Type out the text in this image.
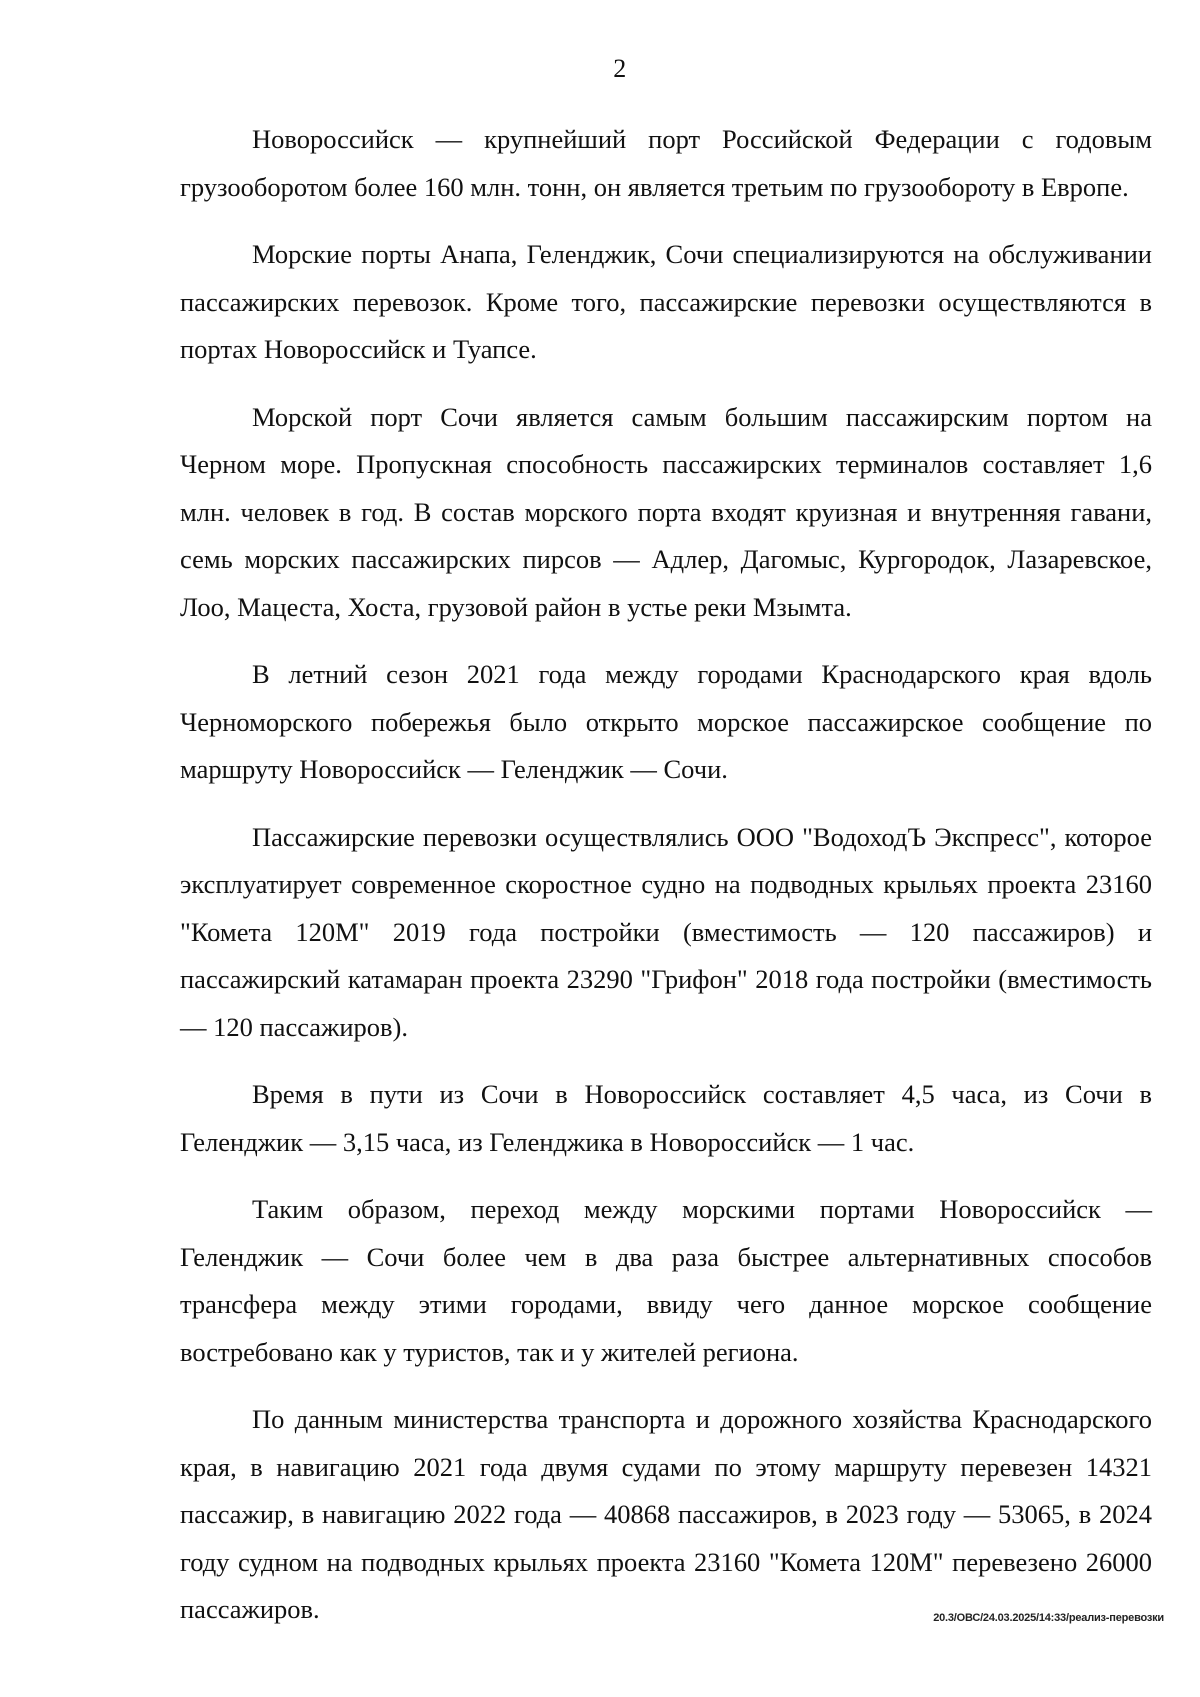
2

Новороссийск — крупнейший порт Российской Федерации с годовым грузооборотом более 160 млн. тонн, он является третьим по грузообороту в Европе.

Морские порты Анапа, Геленджик, Сочи специализируются на обслуживании пассажирских перевозок. Кроме того, пассажирские перевозки осуществляются в портах Новороссийск и Туапсе.

Морской порт Сочи является самым большим пассажирским портом на Черном море. Пропускная способность пассажирских терминалов составляет 1,6 млн. человек в год. В состав морского порта входят круизная и внутренняя гавани, семь морских пассажирских пирсов — Адлер, Дагомыс, Кургородок, Лазаревское, Лоо, Мацеста, Хоста, грузовой район в устье реки Мзымта.

В летний сезон 2021 года между городами Краснодарского края вдоль Черноморского побережья было открыто морское пассажирское сообщение по маршруту Новороссийск — Геленджик — Сочи.

Пассажирские перевозки осуществлялись ООО "ВодоходЪ Экспресс", которое эксплуатирует современное скоростное судно на подводных крыльях проекта 23160 "Комета 120М" 2019 года постройки (вместимость — 120 пассажиров) и пассажирский катамаран проекта 23290 "Грифон" 2018 года постройки (вместимость — 120 пассажиров).

Время в пути из Сочи в Новороссийск составляет 4,5 часа, из Сочи в Геленджик — 3,15 часа, из Геленджика в Новороссийск — 1 час.

Таким образом, переход между морскими портами Новороссийск — Геленджик — Сочи более чем в два раза быстрее альтернативных способов трансфера между этими городами, ввиду чего данное морское сообщение востребовано как у туристов, так и у жителей региона.

По данным министерства транспорта и дорожного хозяйства Краснодарского края, в навигацию 2021 года двумя судами по этому маршруту перевезен 14321 пассажир, в навигацию 2022 года — 40868 пассажиров, в 2023 году — 53065, в 2024 году судном на подводных крыльях проекта 23160 "Комета 120М" перевезено 26000 пассажиров.	20.3/ОВС/24.03.2025/14:33/реализ-перевозки
